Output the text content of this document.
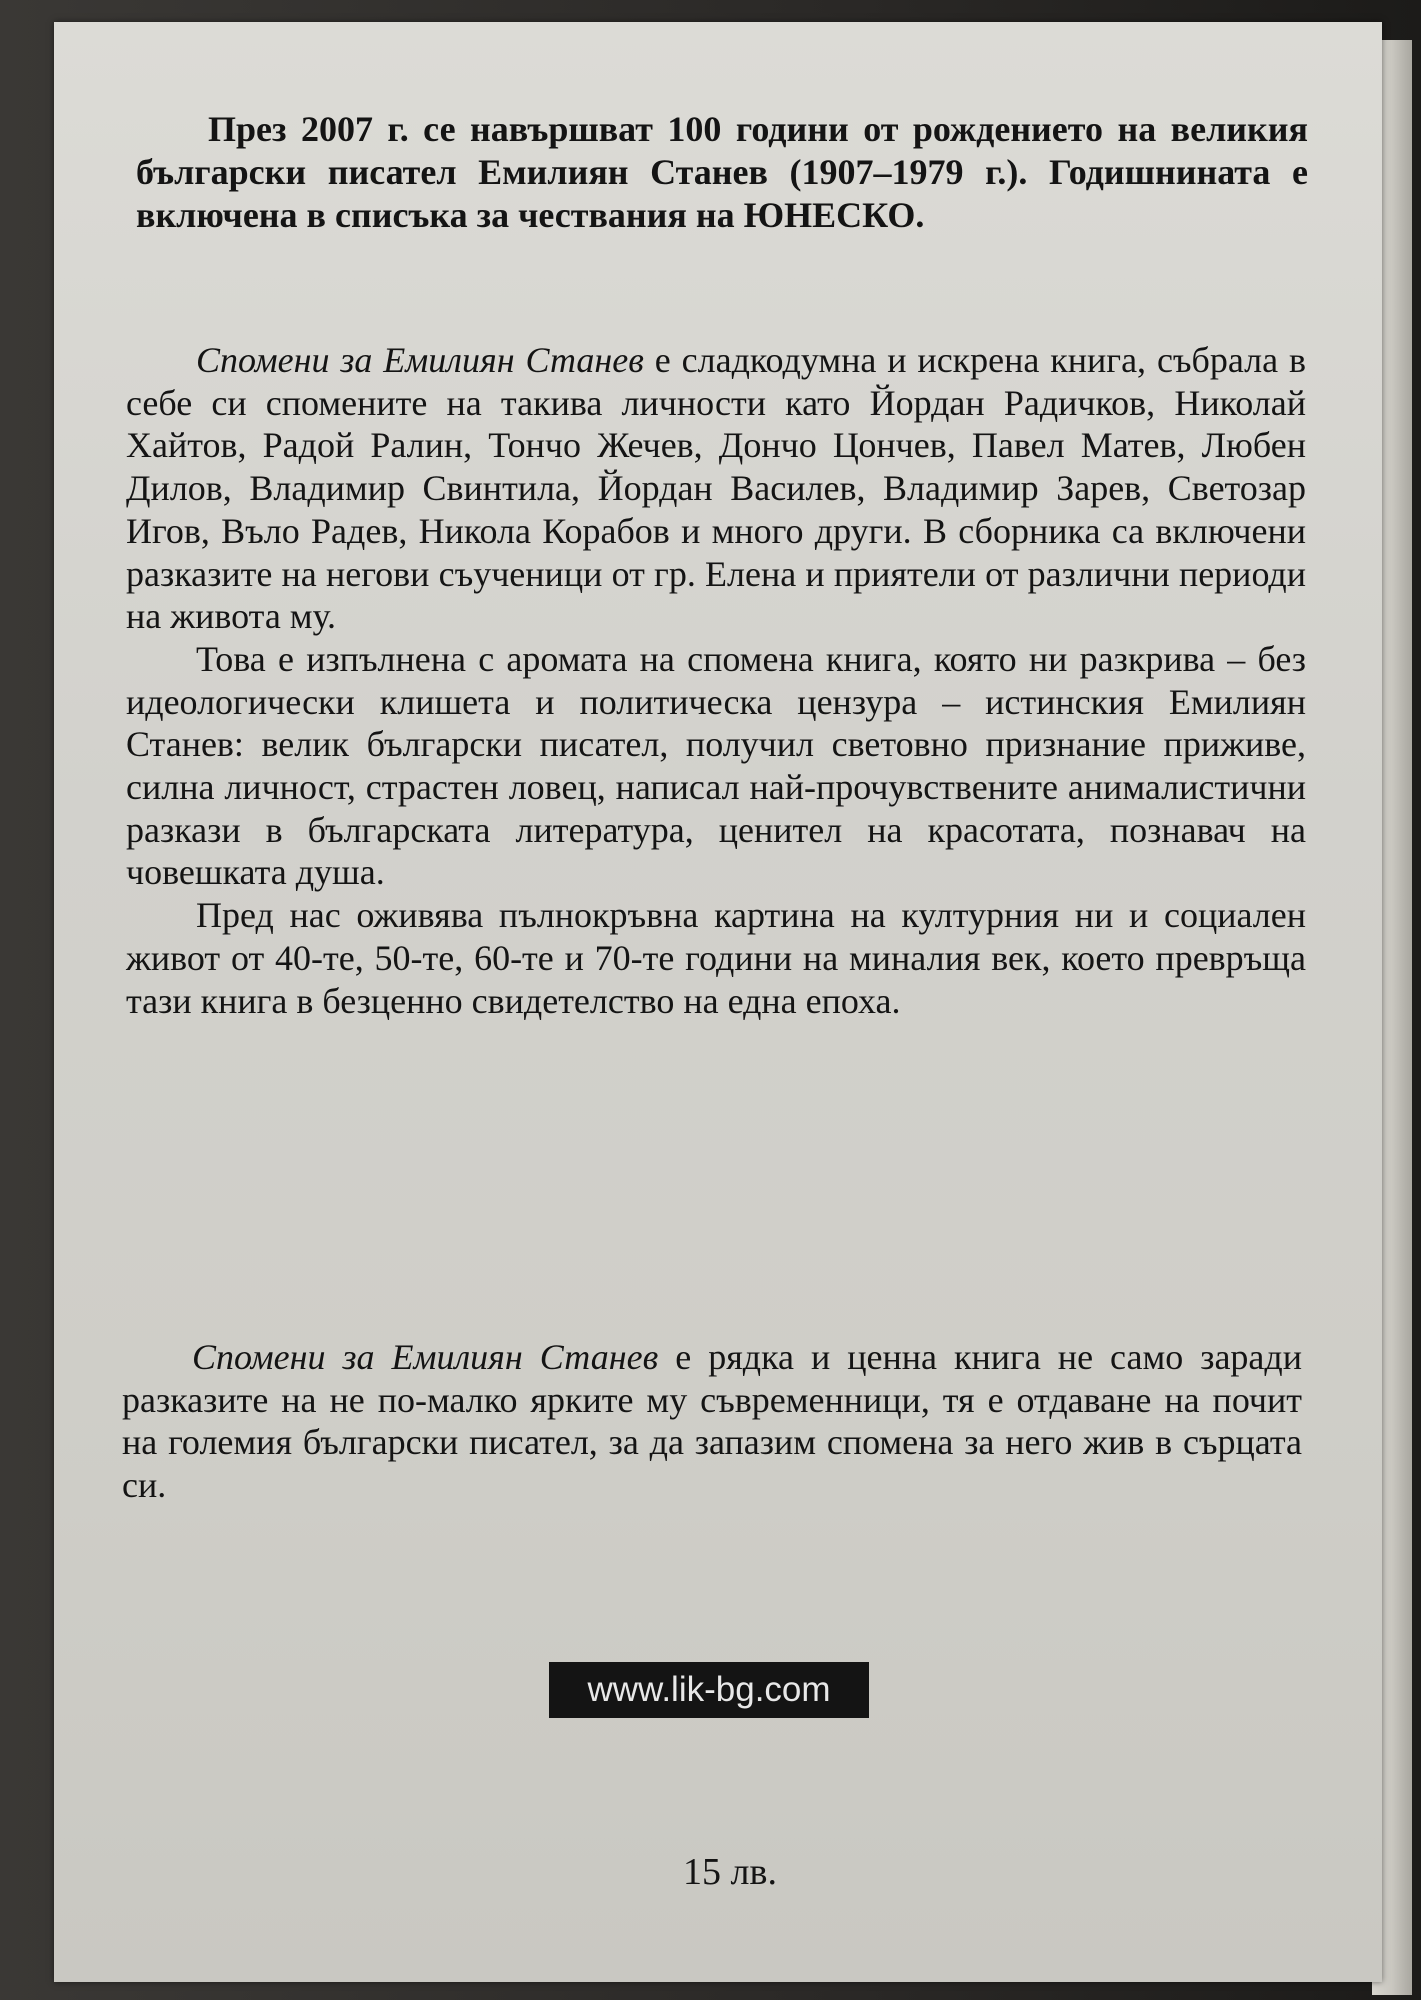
През 2007 г. се навършват 100 години от рождението на великия български писател Емилиян Станев (1907–1979 г.). Годишнината е включена в списъка за чествания на ЮНЕСКО.

Спомени за Емилиян Станев е сладкодумна и искрена книга, събрала в себе си спомените на такива личности като Йордан Радичков, Николай Хайтов, Радой Ралин, Тончо Жечев, Дончо Цончев, Павел Матев, Любен Дилов, Владимир Свинтила, Йордан Василев, Владимир Зарев, Светозар Игов, Въло Радев, Никола Корабов и много други. В сборника са включени разказите на негови съученици от гр. Елена и приятели от различни периоди на живота му.

Това е изпълнена с аромата на спомена книга, която ни разкрива – без идеологически клишета и политическа цензура – истинския Емилиян Станев: велик български писател, получил световно признание приживе, силна личност, страстен ловец, написал най-прочувствените анималистични разкази в българската литература, ценител на красотата, познавач на човешката душа.

Пред нас оживява пълнокръвна картина на културния ни и социален живот от 40-те, 50-те, 60-те и 70-те години на миналия век, което превръща тази книга в безценно свидетелство на една епоха.

Спомени за Емилиян Станев е рядка и ценна книга не само заради разказите на не по-малко ярките му съвременници, тя е отдаване на почит на големия български писател, за да запазим спомена за него жив в сърцата си.

www.lik-bg.com
15 лв.
